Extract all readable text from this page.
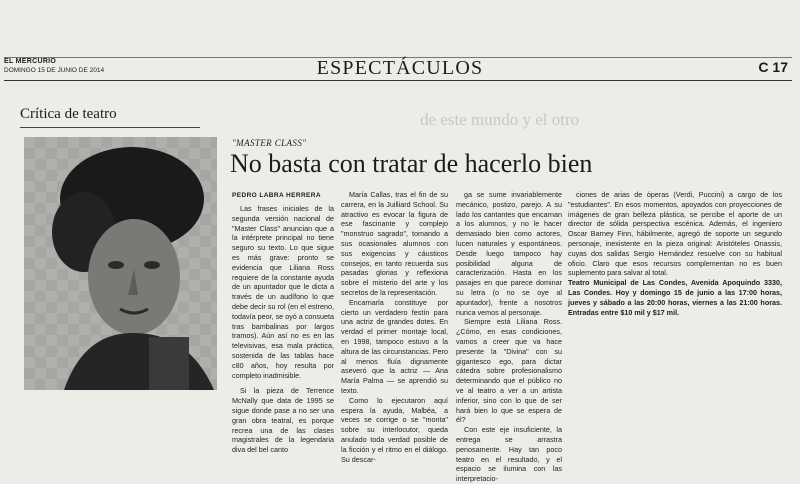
EL MERCURIO
DOMINGO 15 DE JUNIO DE 2014	ESPECTÁCULOS	C 17
de este mundo y el otro
Crítica de teatro
"MASTER CLASS"
No basta con tratar de hacerlo bien
PEDRO LABRA HERRERA

Las frases iniciales de la segunda versión nacional de "Master Class" anuncian que a la intérprete principal no tiene seguro su texto. Lo que sigue es más grave: pronto se evidencia que Liliana Ross requiere de la constante ayuda de un apuntador que le dicta a través de un audífono lo que debe decir su rol (en el estreno, todavía peor, se oyó a consueta tras bambalinas por largos tramos). Aún así no es en las televisivas, esa mala práctica, sostenida de las tablas hace c80 años, hoy resulta por completo inadmisible.

Si la pieza de Terrence McNally que data de 1995 se sigue donde pase a no ser una gran obra teatral, es porque recrea una de las clases magistrales de la legendaria diva del bel canto

María Callas, tras el fin de su carrera, en la Juilliard School. Su atractivo es evocar la figura de ese fascinante y complejo "monstruo sagrado", tomando a sus ocasionales alumnos con sus exigencias y cáusticos consejos, en tanto recuerda sus pasadas glorias y reflexiona sobre el misterio del arte y los secretos de la representación.

Encarnarla constituye por cierto un verdadero festín para una actriz de grandes dotes. En verdad el primer montaje local, en 1998, tampoco estuvo a la altura de las circunstancias. Pero al menos fluía dignamente aseveró que la actriz — Ana María Palma — se aprendió su texto.

Como lo ejecutaron aquí espera la ayuda, Malbéa, a veces se corrige o se "monta" sobre su interlocutor, queda anulado toda verdad posible de la ficción y el ritmo en el diálogo. Su descar-

ga se sume invariablemente mecánico, postizo, parejo. A su lado los cantantes que encarnan a los alumnos, y no le hacer demasiado bien como actores, lucen naturales y espontáneos. Desde luego tampoco hay posibilidad alguna de caracterización. Hasta en los pasajes en que parece dominar su letra (o no se oye al apuntador), frente a nosotros nunca vemos al personaje.

Siempre está Liliana Ross. ¿Cómo, en esas condiciones, vamos a creer que va hace presente la "Divina" con su gigantesco ego, para dictar cátedra sobre profesionalismo determinando que el público no ve al teatro a ver a un artista inferior, sino con lo que de ser hará bien lo que se espera de él?

Con este eje insuficiente, la entrega se arrastra penosamente. Hay tan poco teatro en el resultado, y el espacio se ilumina con las interpretacio-

ciones de arias de óperas (Verdi, Puccini) a cargo de los "estudiantes". En esos momentos, apoyados con proyecciones de imágenes de gran belleza plástica, se percibe el aporte de un director de sólida perspectiva escénica. Además, el ingeniero Oscar Barney Finn, hábilmente, agregó de soporte un segundo personaje, inexistente en la pieza original: Aristóteles Onassis, cuyas dos salidas Sergio Hernández resuelve con su habitual oficio. Claro que esos recursos complementan no es buen suplemento para salvar al total.

Teatro Municipal de Las Condes, Avenida Apoquindo 3330, Las Condes. Hoy y domingo 15 de junio a las 17:00 horas, jueves y sábado a las 20:00 horas, viernes a las 21:00 horas. Entradas entre $10 mil y $17 mil.
